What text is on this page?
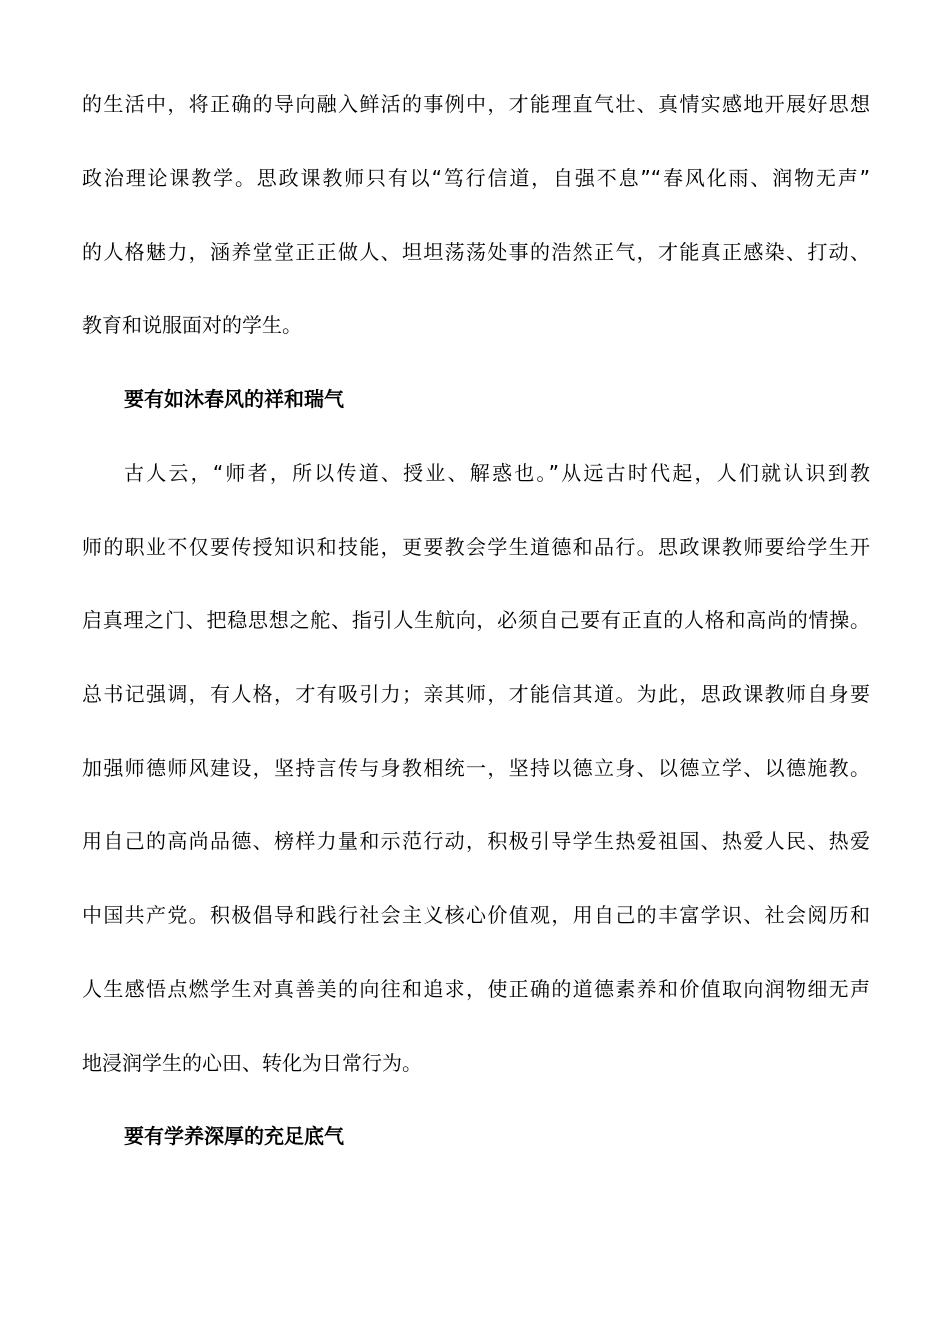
的生活中，将正确的导向融入鲜活的事例中，才能理直气壮、真情实感地开展好思想
政治理论课教学。思政课教师只有以“笃行信道，自强不息”“春风化雨、润物无声”
的人格魅力，涵养堂堂正正做人、坦坦荡荡处事的浩然正气，才能真正感染、打动、
教育和说服面对的学生。
要有如沐春风的祥和瑞气
古人云，“师者，所以传道、授业、解惑也。”从远古时代起，人们就认识到教
师的职业不仅要传授知识和技能，更要教会学生道德和品行。思政课教师要给学生开
启真理之门、把稳思想之舵、指引人生航向，必须自己要有正直的人格和高尚的情操。
总书记强调，有人格，才有吸引力；亲其师，才能信其道。为此，思政课教师自身要
加强师德师风建设，坚持言传与身教相统一，坚持以德立身、以德立学、以德施教。
用自己的高尚品德、榜样力量和示范行动，积极引导学生热爱祖国、热爱人民、热爱
中国共产党。积极倡导和践行社会主义核心价值观，用自己的丰富学识、社会阅历和
人生感悟点燃学生对真善美的向往和追求，使正确的道德素养和价值取向润物细无声
地浸润学生的心田、转化为日常行为。
要有学养深厚的充足底气
